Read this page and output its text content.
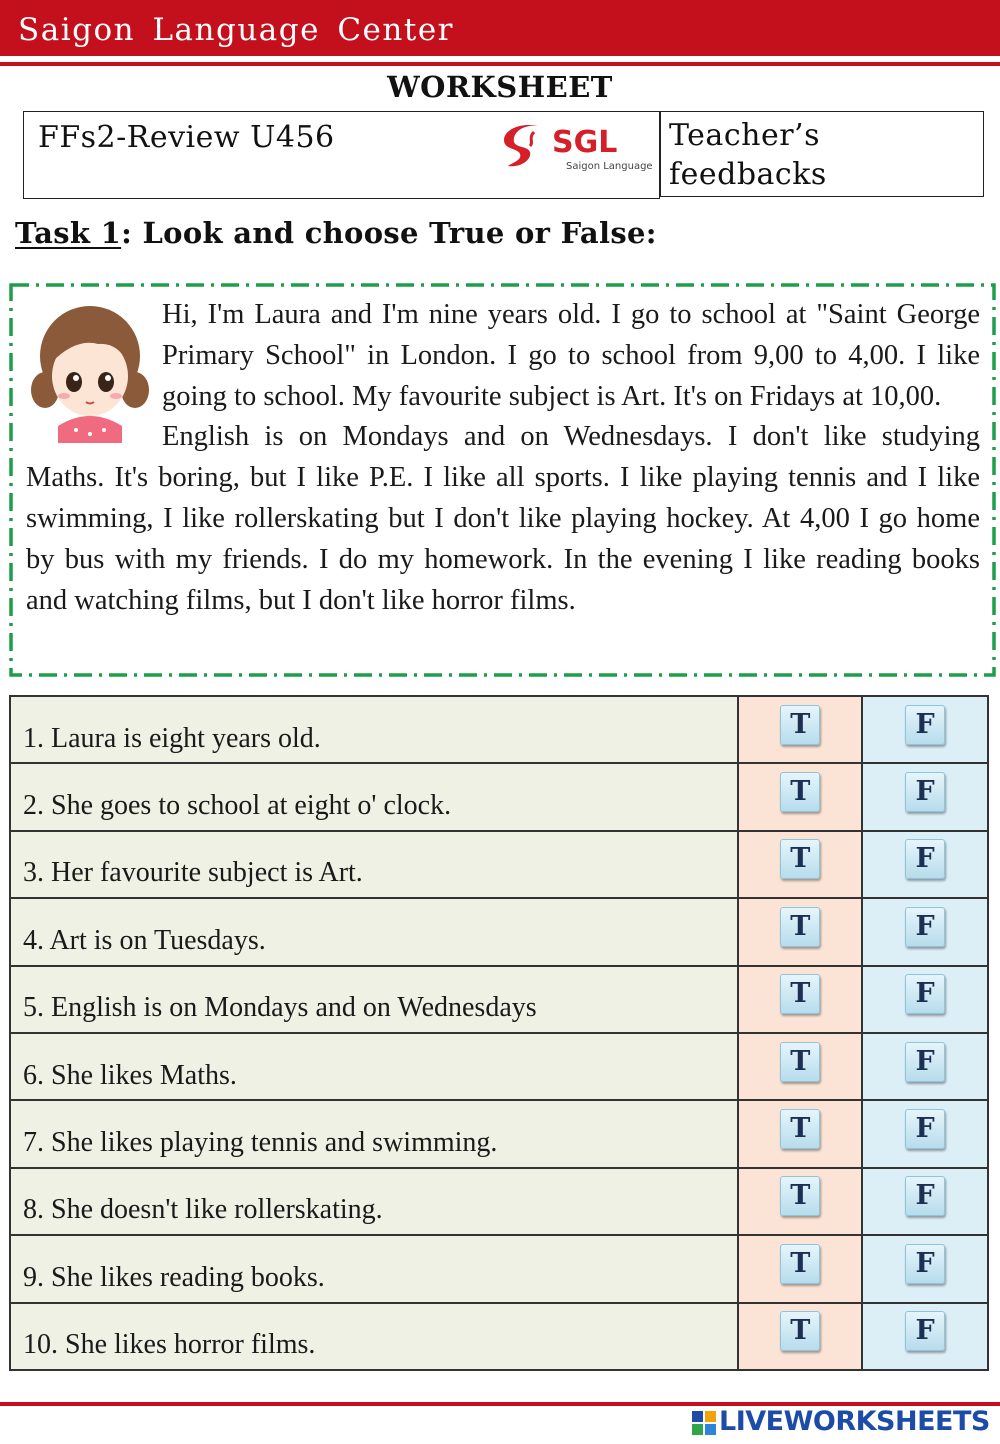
Saigon Language Center
WORKSHEET
FFs2-Review U456	SGL
Saigon Language
Teacher’s feedbacks
Task 1: Look and choose True or False:

Hi, I'm Laura and I'm nine years old. I go to school at "Saint George Primary School" in London. I go to school from 9,00 to 4,00. I like going to school. My favourite subject is Art. It's on Fridays at 10,00.

English is on Mondays and on Wednesdays. I don't like studying Maths. It's boring, but I like P.E. I like all sports. I like playing tennis and I like swimming, I like rollerskating but I don't like playing hockey. At 4,00 I go home by bus with my friends. I do my homework. In the evening I like reading books and watching films, but I don't like horror films.

1. Laura is eight years old.	T	F
2. She goes to school at eight o' clock.	T	F
3. Her favourite subject is Art.	T	F
4. Art is on Tuesdays.	T	F
5. English is on Mondays and on Wednesdays	T	F
6. She likes Maths.	T	F
7. She likes playing tennis and swimming.	T	F
8. She doesn't like rollerskating.	T	F
9. She likes reading books.	T	F
10. She likes horror films.	T	F
LIVEWORKSHEETS
